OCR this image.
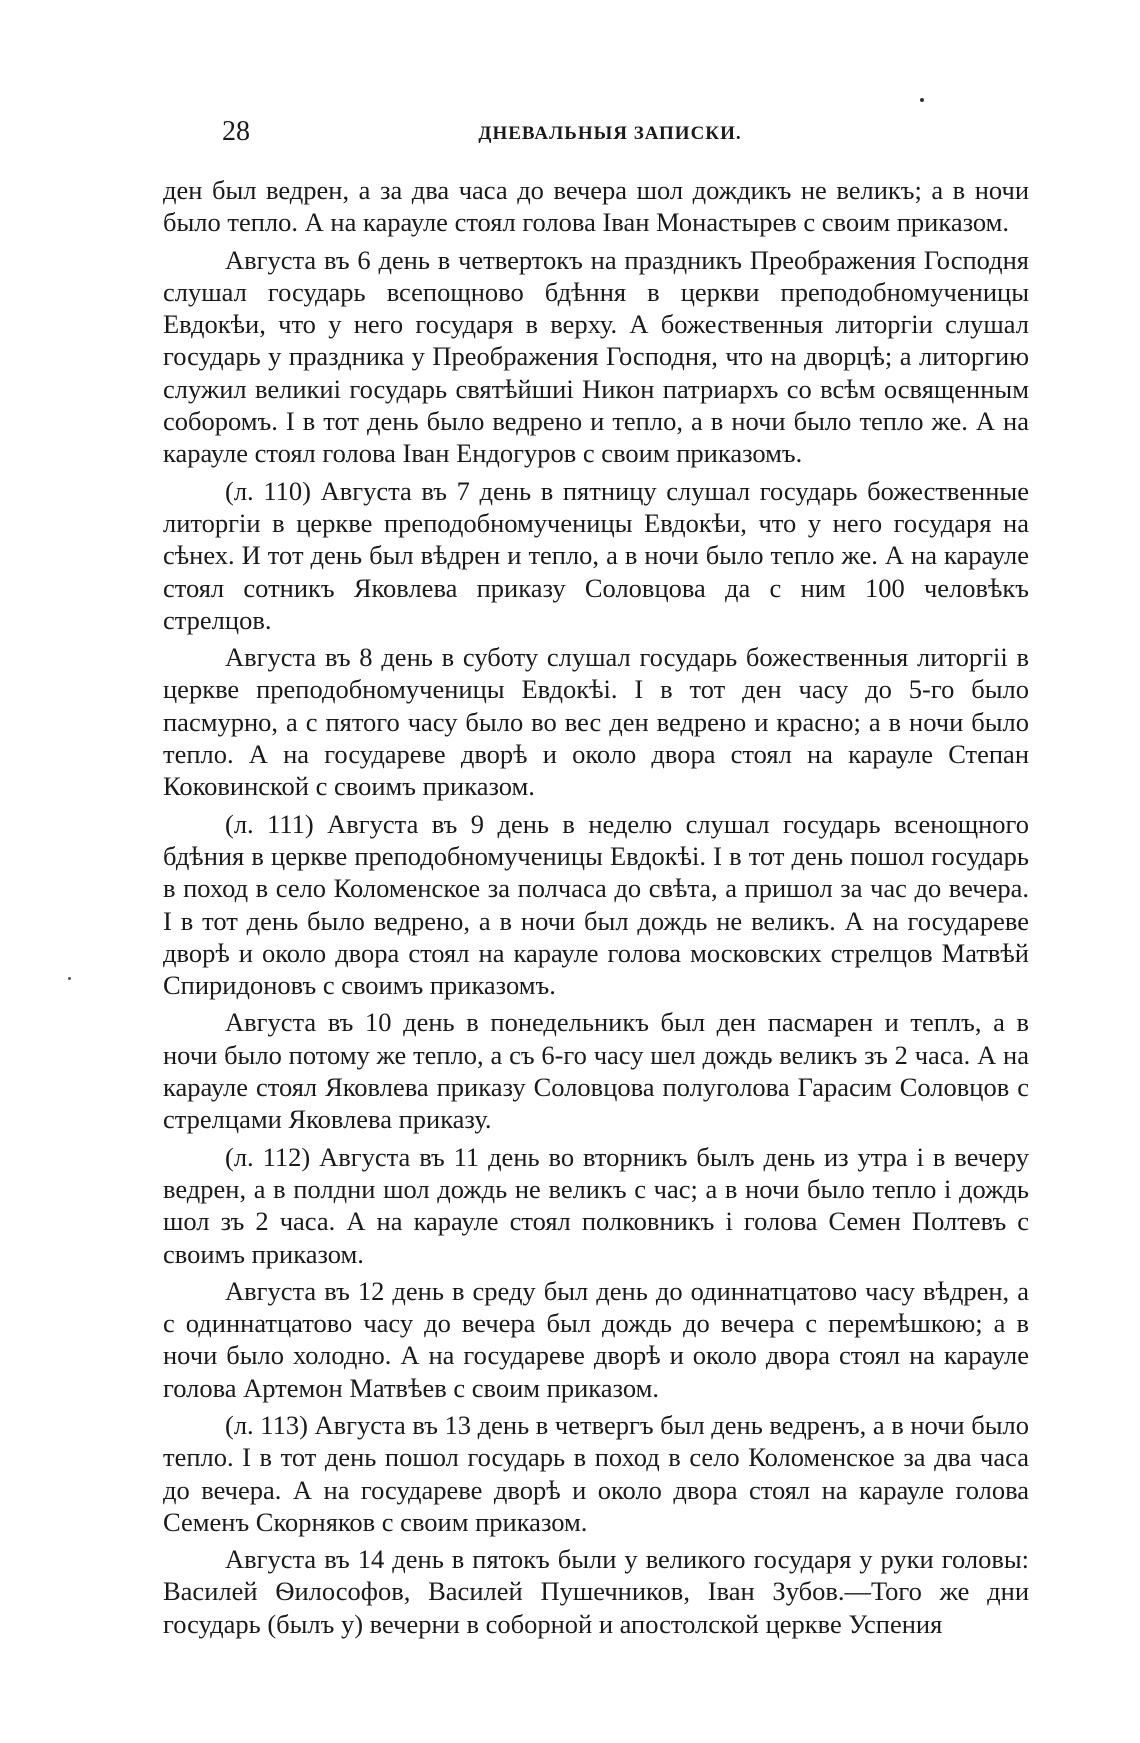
28	ДНЕВАЛЬНЫЯ ЗАПИСКИ.

ден был ведрен, а за два часа до вечера шол дождикъ не великъ; а в ночи было тепло. А на карауле стоял голова Іван Монастырев с своим приказом.

Августа въ 6 день в четвертокъ на праздникъ Преображения Господня слушал государь всепощново бдѣння в церкви преподобномученицы Евдокѣи, что у него государя в верху. А божественныя литоргіи слушал государь у праздника у Преображения Господня, что на дворцѣ; а литоргию служил великиі государь святѣйшиі Никон патриархъ со всѣм освященным соборомъ. I в тот день было ведрено и тепло, а в ночи было тепло же. А на карауле стоял голова Іван Ендогуров с своим приказомъ.

(л. 110) Августа въ 7 день в пятницу слушал государь божественные литоргіи в церкве преподобномученицы Евдокѣи, что у него государя на сѣнех. И тот день был вѣдрен и тепло, а в ночи было тепло же. А на карауле стоял сотникъ Яковлева приказу Соловцова да с ним 100 человѣкъ стрелцов.

Августа въ 8 день в суботу слушал государь божественныя литоргіі в церкве преподобномученицы Евдокѣі. I в тот ден часу до 5-го было пасмурно, а с пятого часу было во вес ден ведрено и красно; а в ночи было тепло. А на государеве дворѣ и около двора стоял на карауле Степан Коковинской с своимъ приказом.

(л. 111) Августа въ 9 день в неделю слушал государь всенощного бдѣния в церкве преподобномученицы Евдокѣі. I в тот день пошол государь в поход в село Коломенское за полчаса до свѣта, а пришол за час до вечера. I в тот день было ведрено, а в ночи был дождь не великъ. А на государеве дворѣ и около двора стоял на карауле голова московских стрелцов Матвѣй Спиридоновъ с своимъ приказомъ.

Августа въ 10 день в понедельникъ был ден пасмарен и теплъ, а в ночи было потому же тепло, а съ 6-го часу шел дождь великъ зъ 2 часа. А на карауле стоял Яковлева приказу Соловцова полуголова Гарасим Соловцов с стрелцами Яковлева приказу.

(л. 112) Августа въ 11 день во вторникъ былъ день из утра і в вечеру ведрен, а в полдни шол дождь не великъ с час; а в ночи было тепло і дождь шол зъ 2 часа. А на карауле стоял полковникъ і голова Семен Полтевъ с своимъ приказом.

Августа въ 12 день в среду был день до одиннатцатово часу вѣдрен, а с одиннатцатово часу до вечера был дождь до вечера с перемѣшкою; а в ночи было холодно. А на государеве дворѣ и около двора стоял на карауле голова Артемон Матвѣев с своим приказом.

(л. 113) Августа въ 13 день в четвергъ был день ведренъ, а в ночи было тепло. I в тот день пошол государь в поход в село Коломенское за два часа до вечера. А на государеве дворѣ и около двора стоял на карауле голова Семенъ Скорняков с своим приказом.

Августа въ 14 день в пятокъ были у великого государя у руки головы: Василей Ѳилософов, Василей Пушечников, Іван Зубов.—Того же дни государь (былъ у) вечерни в соборной и апостолской церкве Успения
